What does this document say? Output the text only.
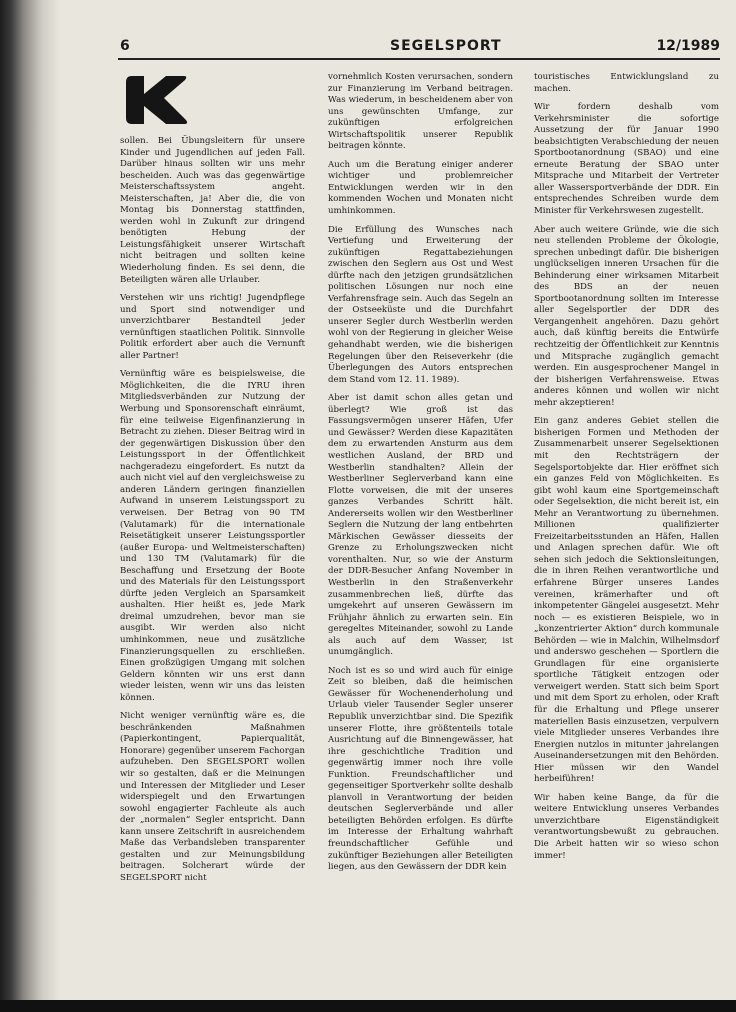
6	SEGELSPORT	12/1989

sollen. Bei Übungsleitern für unsere Kinder und Jugendlichen auf jeden Fall. Darüber hinaus sollten wir uns mehr bescheiden. Auch was das gegenwärtige Meisterschaftssystem angeht. Meisterschaften, ja! Aber die, die von Montag bis Donnerstag stattfinden, werden wohl in Zukunft zur dringend benötigten Hebung der Leistungsfähigkeit unserer Wirtschaft nicht beitragen und sollten keine Wiederholung finden. Es sei denn, die Beteiligten wären alle Urlauber.

Verstehen wir uns richtig! Jugendpflege und Sport sind notwendiger und unverzichtbarer Bestandteil jeder vernünftigen staatlichen Politik. Sinnvolle Politik erfordert aber auch die Vernunft aller Partner!

Vernünftig wäre es beispielsweise, die Möglichkeiten, die die IYRU ihren Mitgliedsverbänden zur Nutzung der Werbung und Sponsorenschaft einräumt, für eine teilweise Eigenfinanzierung in Betracht zu ziehen. Dieser Beitrag wird in der gegenwärtigen Diskussion über den Leistungssport in der Öffentlichkeit nachgeradezu eingefordert. Es nutzt da auch nicht viel auf den vergleichsweise zu anderen Ländern geringen finanziellen Aufwand in unserem Leistungssport zu verweisen. Der Betrag von 90 TM (Valutamark) für die internationale Reisetätigkeit unserer Leistungssportler (außer Europa- und Weltmeisterschaften) und 130 TM (Valutamark) für die Beschaffung und Ersetzung der Boote und des Materials für den Leistungssport dürfte jeden Vergleich an Sparsamkeit aushalten. Hier heißt es, jede Mark dreimal umzudrehen, bevor man sie ausgibt. Wir werden also nicht umhinkommen, neue und zusätzliche Finanzierungsquellen zu erschließen. Einen großzügigen Umgang mit solchen Geldern könnten wir uns erst dann wieder leisten, wenn wir uns das leisten können.

Nicht weniger vernünftig wäre es, die beschränkenden Maßnahmen (Papierkontingent, Papierqualität, Honorare) gegenüber unserem Fachorgan aufzuheben. Den SEGELSPORT wollen wir so gestalten, daß er die Meinungen und Interessen der Mitglieder und Leser widerspiegelt und den Erwartungen sowohl engagierter Fachleute als auch der „normalen“ Segler entspricht. Dann kann unsere Zeitschrift in ausreichendem Maße das Verbandsleben transparenter gestalten und zur Meinungsbildung beitragen. Solcherart würde der SEGELSPORT nicht

vornehmlich Kosten verursachen, sondern zur Finanzierung im Verband beitragen. Was wiederum, in bescheidenem aber von uns gewünschten Umfange, zur zukünftigen erfolgreichen Wirtschaftspolitik unserer Republik beitragen könnte.

Auch um die Beratung einiger anderer wichtiger und problemreicher Entwicklungen werden wir in den kommenden Wochen und Monaten nicht umhinkommen.

Die Erfüllung des Wunsches nach Vertiefung und Erweiterung der zukünftigen Regattabeziehungen zwischen den Seglern aus Ost und West dürfte nach den jetzigen grundsätzlichen politischen Lösungen nur noch eine Verfahrensfrage sein. Auch das Segeln an der Ostseeküste und die Durchfahrt unserer Segler durch Westberlin werden wohl von der Regierung in gleicher Weise gehandhabt werden, wie die bisherigen Regelungen über den Reiseverkehr (die Überlegungen des Autors entsprechen dem Stand vom 12. 11. 1989).

Aber ist damit schon alles getan und überlegt? Wie groß ist das Fassungsvermögen unserer Häfen, Ufer und Gewässer? Werden diese Kapazitäten dem zu erwartenden Ansturm aus dem westlichen Ausland, der BRD und Westberlin standhalten? Allein der Westberliner Seglerverband kann eine Flotte vorweisen, die mit der unseres ganzes Verbandes Schritt hält. Andererseits wollen wir den Westberliner Seglern die Nutzung der lang entbehrten Märkischen Gewässer diesseits der Grenze zu Erholungszwecken nicht vorenthalten. Nur, so wie der Ansturm der DDR-Besucher Anfang November in Westberlin in den Straßenverkehr zusammenbrechen ließ, dürfte das umgekehrt auf unseren Gewässern im Frühjahr ähnlich zu erwarten sein. Ein geregeltes Miteinander, sowohl zu Lande als auch auf dem Wasser, ist unumgänglich.

Noch ist es so und wird auch für einige Zeit so bleiben, daß die heimischen Gewässer für Wochenenderholung und Urlaub vieler Tausender Segler unserer Republik unverzichtbar sind. Die Spezifik unserer Flotte, ihre größtenteils totale Ausrichtung auf die Binnengewässer, hat ihre geschichtliche Tradition und gegenwärtig immer noch ihre volle Funktion. Freundschaftlicher und gegenseitiger Sportverkehr sollte deshalb planvoll in Verantwortung der beiden deutschen Seglerverbände und aller beteiligten Behörden erfolgen. Es dürfte im Interesse der Erhaltung wahrhaft freundschaftlicher Gefühle und zukünftiger Beziehungen aller Beteiligten liegen, aus den Gewässern der DDR kein

touristisches Entwicklungsland zu machen.

Wir fordern deshalb vom Verkehrsminister die sofortige Aussetzung der für Januar 1990 beabsichtigten Verabschiedung der neuen Sportbootanordnung (SBAO) und eine erneute Beratung der SBAO unter Mitsprache und Mitarbeit der Vertreter aller Wassersportverbände der DDR. Ein entsprechendes Schreiben wurde dem Minister für Verkehrswesen zugestellt.

Aber auch weitere Gründe, wie die sich neu stellenden Probleme der Ökologie, sprechen unbedingt dafür. Die bisherigen unglückseligen inneren Ursachen für die Behinderung einer wirksamen Mitarbeit des BDS an der neuen Sportbootanordnung sollten im Interesse aller Segelsportler der DDR des Vergangenheit angehören. Dazu gehört auch, daß künftig bereits die Entwürfe rechtzeitig der Öffentlichkeit zur Kenntnis und Mitsprache zugänglich gemacht werden. Ein ausgesprochener Mangel in der bisherigen Verfahrensweise. Etwas anderes können und wollen wir nicht mehr akzeptieren!

Ein ganz anderes Gebiet stellen die bisherigen Formen und Methoden der Zusammenarbeit unserer Segelsektionen mit den Rechtsträgern der Segelsportobjekte dar. Hier eröffnet sich ein ganzes Feld von Möglichkeiten. Es gibt wohl kaum eine Sportgemeinschaft oder Segelsektion, die nicht bereit ist, ein Mehr an Verantwortung zu übernehmen. Millionen qualifizierter Freizeitarbeitsstunden an Häfen, Hallen und Anlagen sprechen dafür. Wie oft sehen sich jedoch die Sektionsleitungen, die in ihren Reihen verantwortliche und erfahrene Bürger unseres Landes vereinen, krämerhafter und oft inkompetenter Gängelei ausgesetzt. Mehr noch — es existieren Beispiele, wo in „konzentrierter Aktion“ durch kommunale Behörden — wie in Malchin, Wilhelmsdorf und anderswo geschehen — Sportlern die Grundlagen für eine organisierte sportliche Tätigkeit entzogen oder verweigert werden. Statt sich beim Sport und mit dem Sport zu erholen, oder Kraft für die Erhaltung und Pflege unserer materiellen Basis einzusetzen, verpulvern viele Mitglieder unseres Verbandes ihre Energien nutzlos in mitunter jahrelangen Auseinandersetzungen mit den Behörden. Hier müssen wir den Wandel herbeiführen!

Wir haben keine Bange, da für die weitere Entwicklung unseres Verbandes unverzichtbare Eigenständigkeit verantwortungsbewußt zu gebrauchen. Die Arbeit hatten wir so wieso schon immer!
